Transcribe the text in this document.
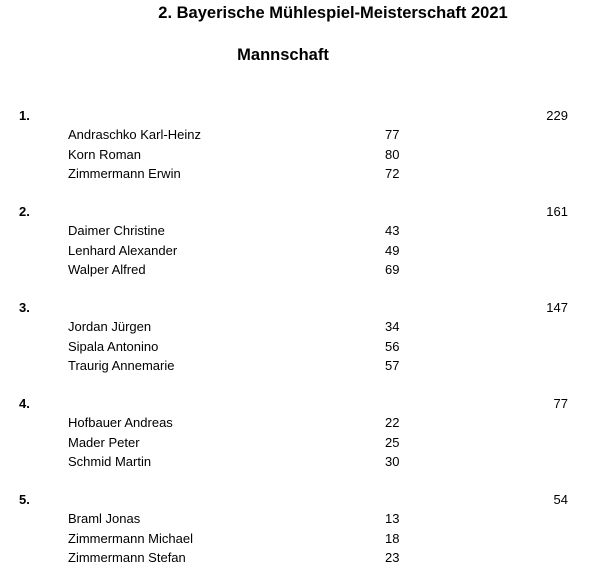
2. Bayerische Mühlespiel-Meisterschaft 2021
Mannschaft
1.	229
Andraschko Karl-Heinz	77
Korn Roman	80
Zimmermann Erwin	72
2.	161
Daimer Christine	43
Lenhard Alexander	49
Walper Alfred	69
3.	147
Jordan Jürgen	34
Sipala Antonino	56
Traurig Annemarie	57
4.	77
Hofbauer Andreas	22
Mader Peter	25
Schmid Martin	30
5.	54
Braml Jonas	13
Zimmermann Michael	18
Zimmermann Stefan	23
